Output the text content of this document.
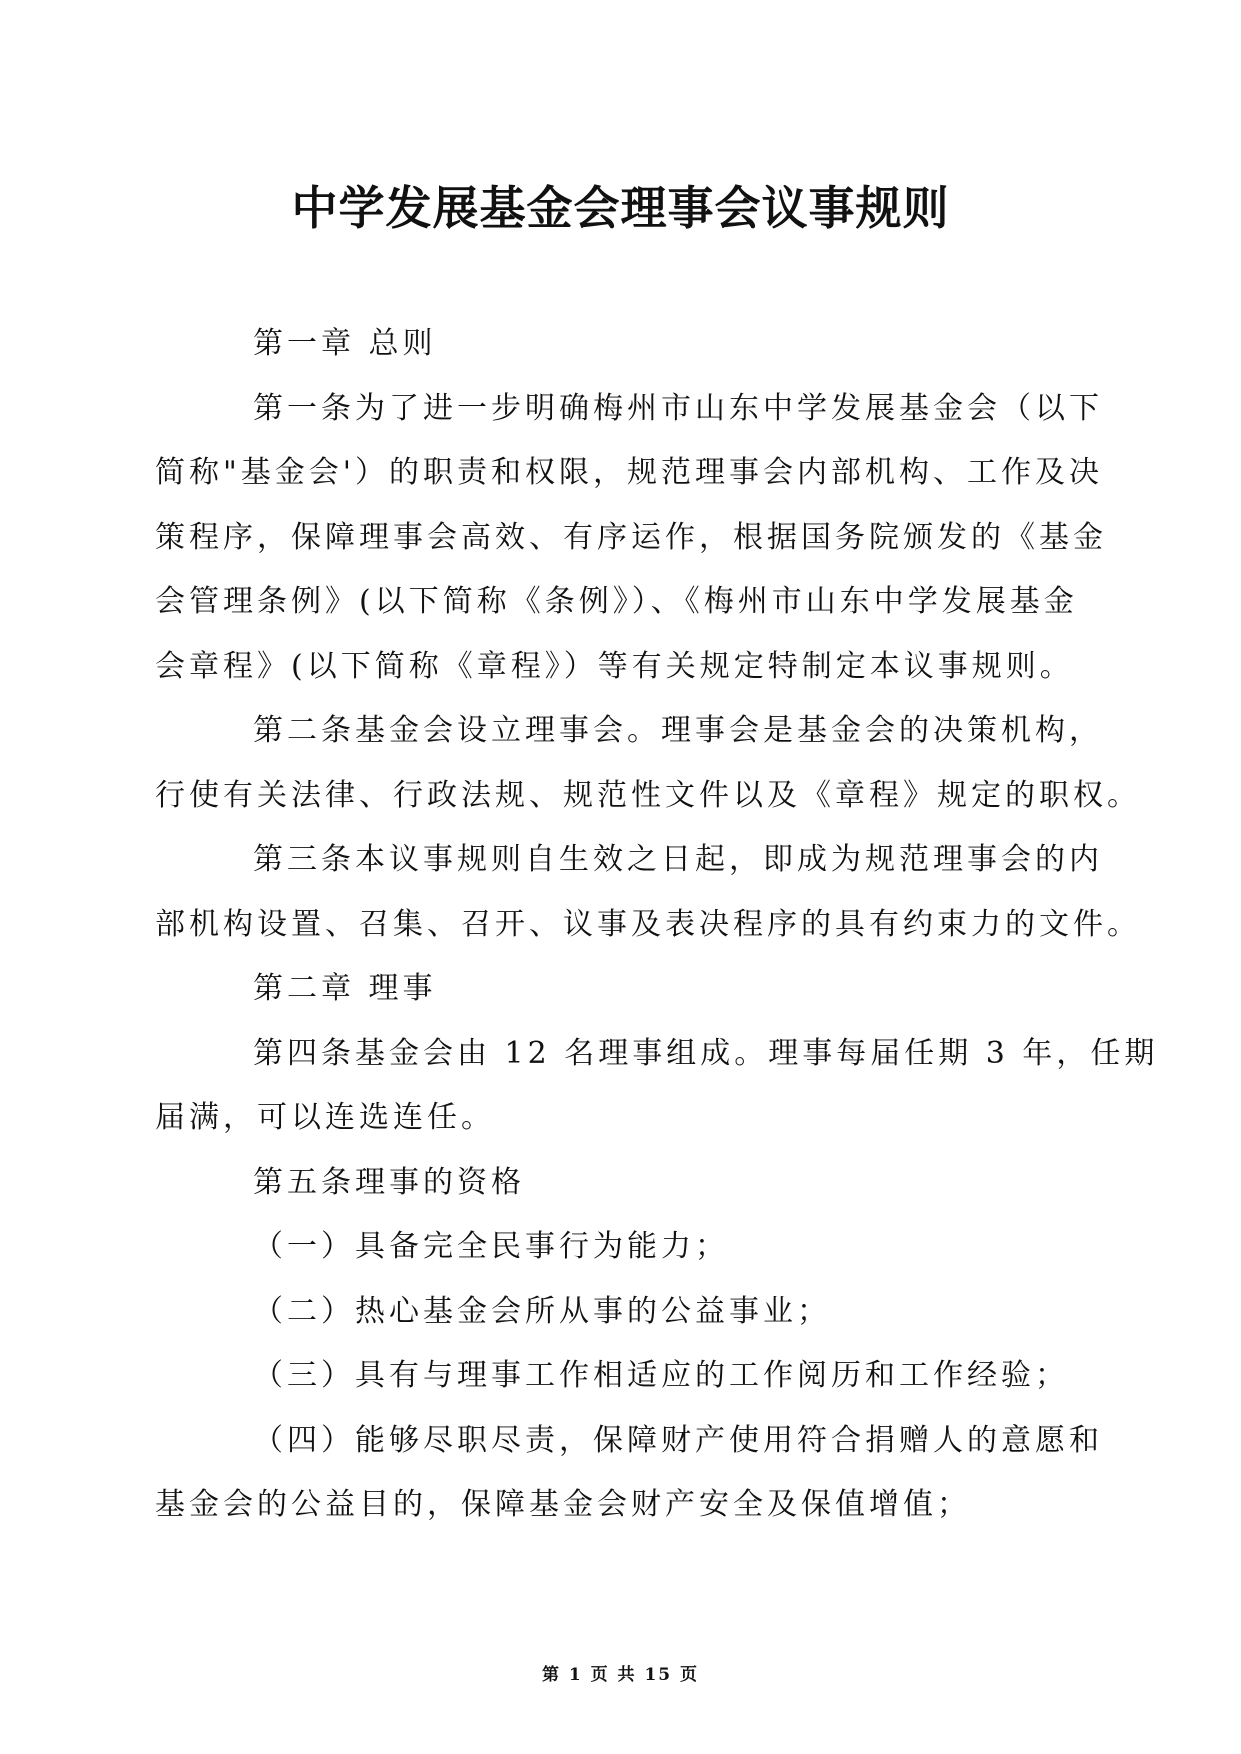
中学发展基金会理事会议事规则

第一章 总则

第一条为了进一步明确梅州市山东中学发展基金会（以下
简称"基金会'）的职责和权限，规范理事会内部机构、工作及决
策程序，保障理事会高效、有序运作，根据国务院颁发的《基金
会管理条例》(以下简称《条例》）、《梅州市山东中学发展基金
会章程》(以下简称《章程》）等有关规定特制定本议事规则。

第二条基金会设立理事会。理事会是基金会的决策机构，
行使有关法律、行政法规、规范性文件以及《章程》规定的职权。

第三条本议事规则自生效之日起，即成为规范理事会的内
部机构设置、召集、召开、议事及表决程序的具有约束力的文件。

第二章 理事

第四条基金会由 12 名理事组成。理事每届任期 3 年，任期
届满，可以连选连任。

第五条理事的资格

（一）具备完全民事行为能力；

（二）热心基金会所从事的公益事业；

（三）具有与理事工作相适应的工作阅历和工作经验；

（四）能够尽职尽责，保障财产使用符合捐赠人的意愿和
基金会的公益目的，保障基金会财产安全及保值增值；

第 1 页 共 15 页
